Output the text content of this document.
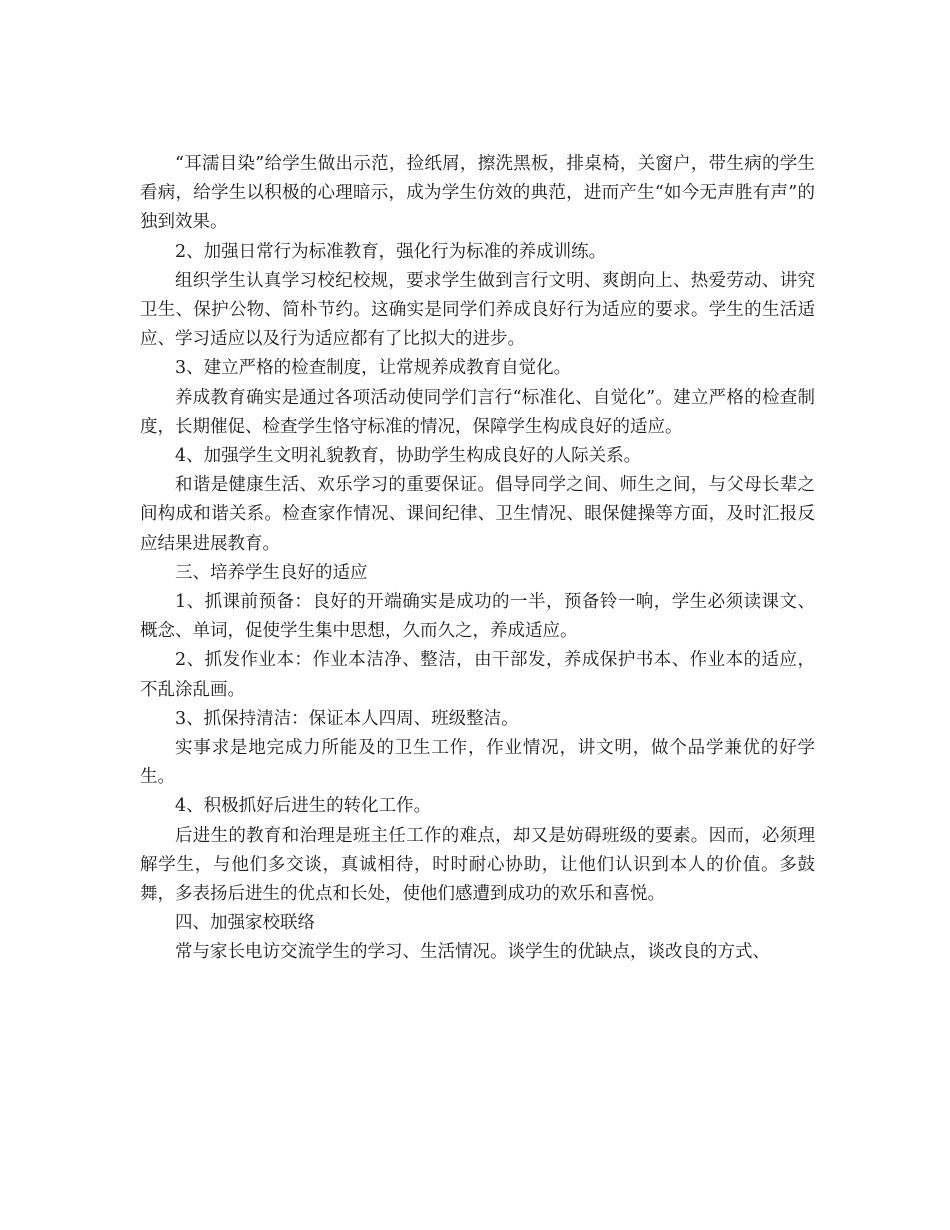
“耳濡目染”给学生做出示范，捡纸屑，擦洗黑板，排桌椅，关窗户，带生病的学生看病，给学生以积极的心理暗示，成为学生仿效的典范，进而产生“如今无声胜有声”的独到效果。

2、加强日常行为标准教育，强化行为标准的养成训练。

组织学生认真学习校纪校规，要求学生做到言行文明、爽朗向上、热爱劳动、讲究卫生、保护公物、简朴节约。这确实是同学们养成良好行为适应的要求。学生的生活适应、学习适应以及行为适应都有了比拟大的进步。

3、建立严格的检查制度，让常规养成教育自觉化。

养成教育确实是通过各项活动使同学们言行“标准化、自觉化”。建立严格的检查制度，长期催促、检查学生恪守标准的情况，保障学生构成良好的适应。

4、加强学生文明礼貌教育，协助学生构成良好的人际关系。

和谐是健康生活、欢乐学习的重要保证。倡导同学之间、师生之间，与父母长辈之间构成和谐关系。检查家作情况、课间纪律、卫生情况、眼保健操等方面，及时汇报反应结果进展教育。

三、培养学生良好的适应

1、抓课前预备：良好的开端确实是成功的一半，预备铃一响，学生必须读课文、概念、单词，促使学生集中思想，久而久之，养成适应。

2、抓发作业本：作业本洁净、整洁，由干部发，养成保护书本、作业本的适应，不乱涂乱画。

3、抓保持清洁：保证本人四周、班级整洁。

实事求是地完成力所能及的卫生工作，作业情况，讲文明，做个品学兼优的好学生。

4、积极抓好后进生的转化工作。

后进生的教育和治理是班主任工作的难点，却又是妨碍班级的要素。因而，必须理解学生，与他们多交谈，真诚相待，时时耐心协助，让他们认识到本人的价值。多鼓舞，多表扬后进生的优点和长处，使他们感遭到成功的欢乐和喜悦。

四、加强家校联络

常与家长电访交流学生的学习、生活情况。谈学生的优缺点，谈改良的方式、
